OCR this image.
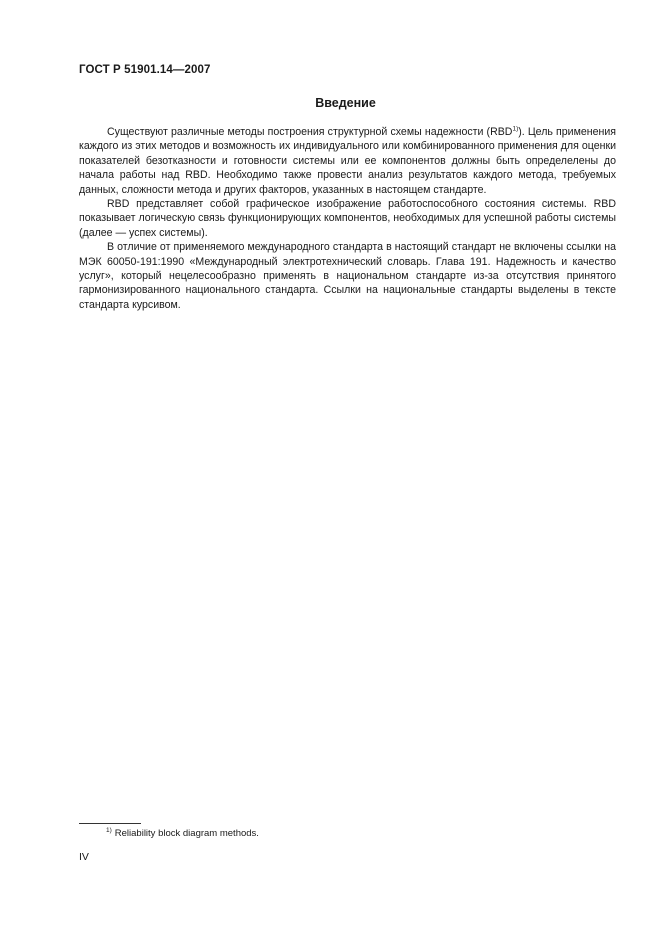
ГОСТ Р 51901.14—2007
Введение

Существуют различные методы построения структурной схемы надежности (RBD$^{1)}$). Цель применения каждого из этих методов и возможность их индивидуального или комбинированного применения для оценки показателей безотказности и готовности системы или ее компонентов должны быть определелены до начала работы над RBD. Необходимо также провести анализ результатов каждого метода, требуемых данных, сложности метода и других факторов, указанных в настоящем стандарте.

RBD представляет собой графическое изображение работоспособного состояния системы. RBD показывает логическую связь функционирующих компонентов, необходимых для успешной работы системы (далее — успех системы).

В отличие от применяемого международного стандарта в настоящий стандарт не включены ссылки на МЭК 60050-191:1990 «Международный электротехнический словарь. Глава 191. Надежность и качество услуг», который нецелесообразно применять в национальном стандарте из-за отсутствия принятого гармонизированного национального стандарта. Ссылки на национальные стандарты выделены в тексте стандарта курсивом.

$^{1)}$ Reliability block diagram methods.

IV
